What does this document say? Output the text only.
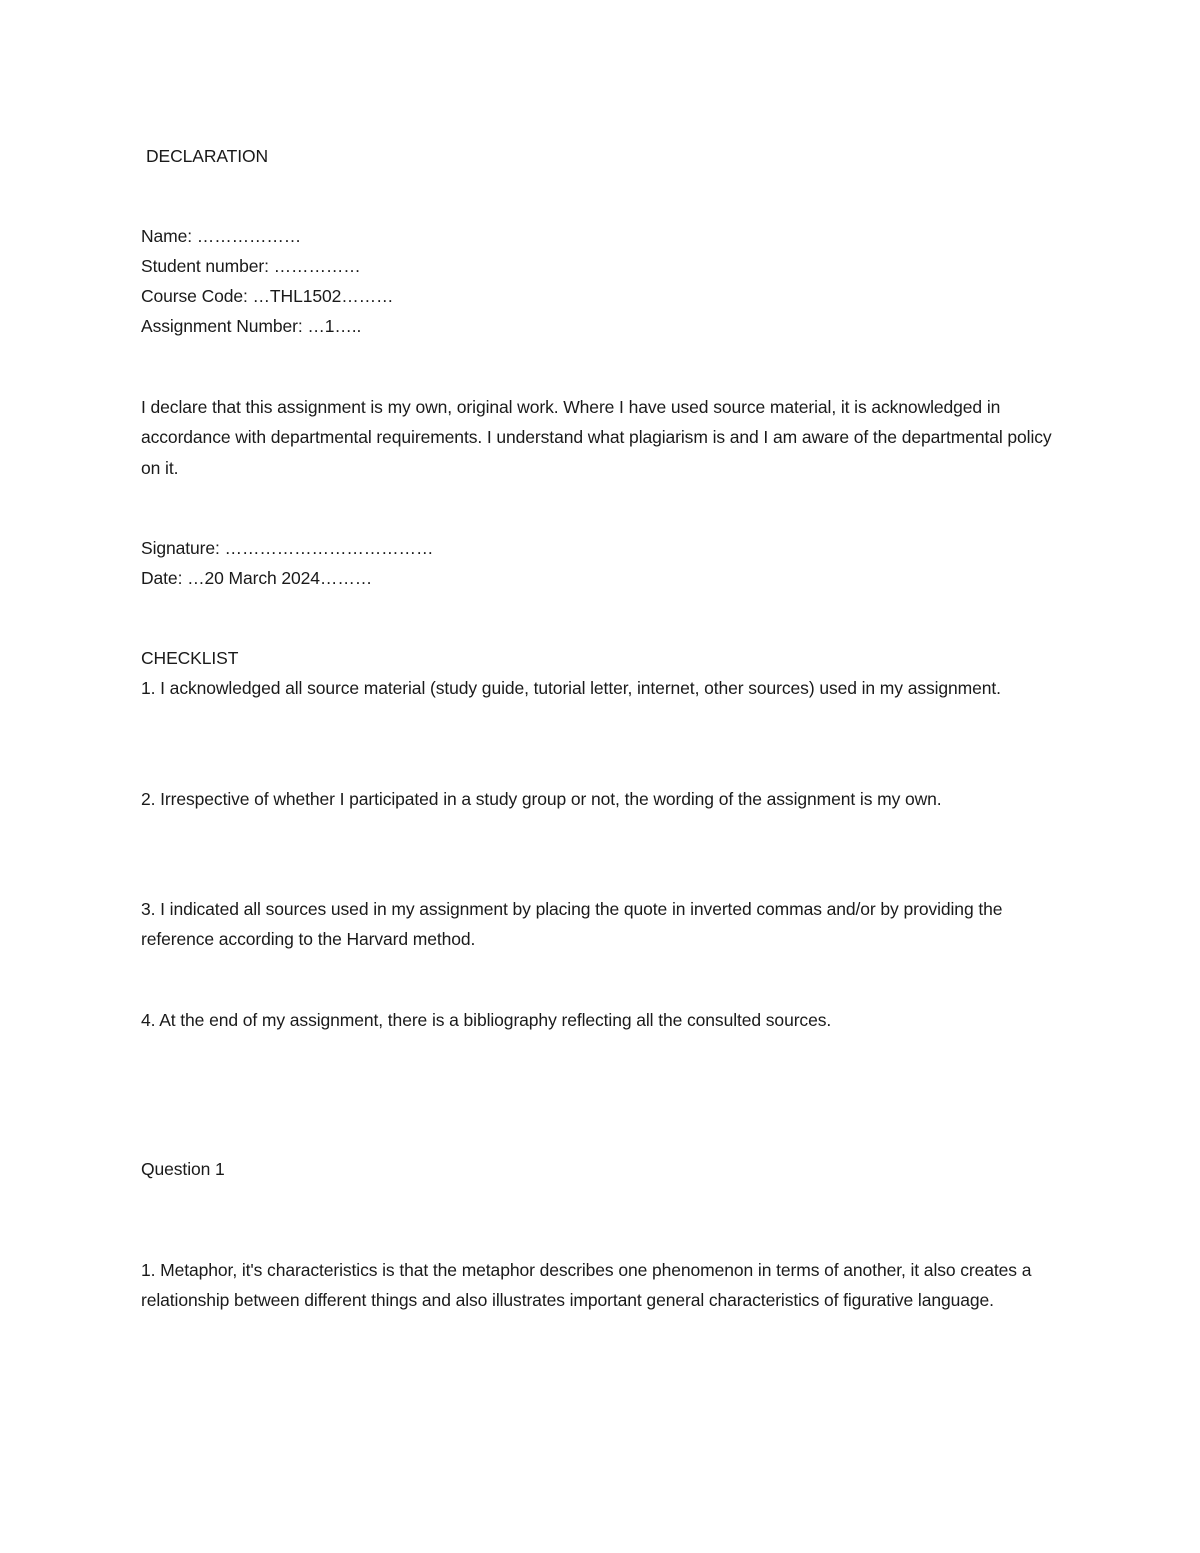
DECLARATION
Name: ………………
Student number: ……………
Course Code: …THL1502………
Assignment Number: …1…..
I declare that this assignment is my own, original work. Where I have used source material, it is acknowledged in accordance with departmental requirements. I understand what plagiarism is and I am aware of the departmental policy on it.
Signature: ………………………………
Date: …20 March 2024………
CHECKLIST
1. I acknowledged all source material (study guide, tutorial letter, internet, other sources) used in my assignment.
2. Irrespective of whether I participated in a study group or not, the wording of the assignment is my own.
3. I indicated all sources used in my assignment by placing the quote in inverted commas and/or by providing the reference according to the Harvard method.
4. At the end of my assignment, there is a bibliography reflecting all the consulted sources.
Question 1
1. Metaphor, it's characteristics is that the metaphor describes one phenomenon in terms of another, it also creates a relationship between different things and also illustrates important general characteristics of figurative language.
